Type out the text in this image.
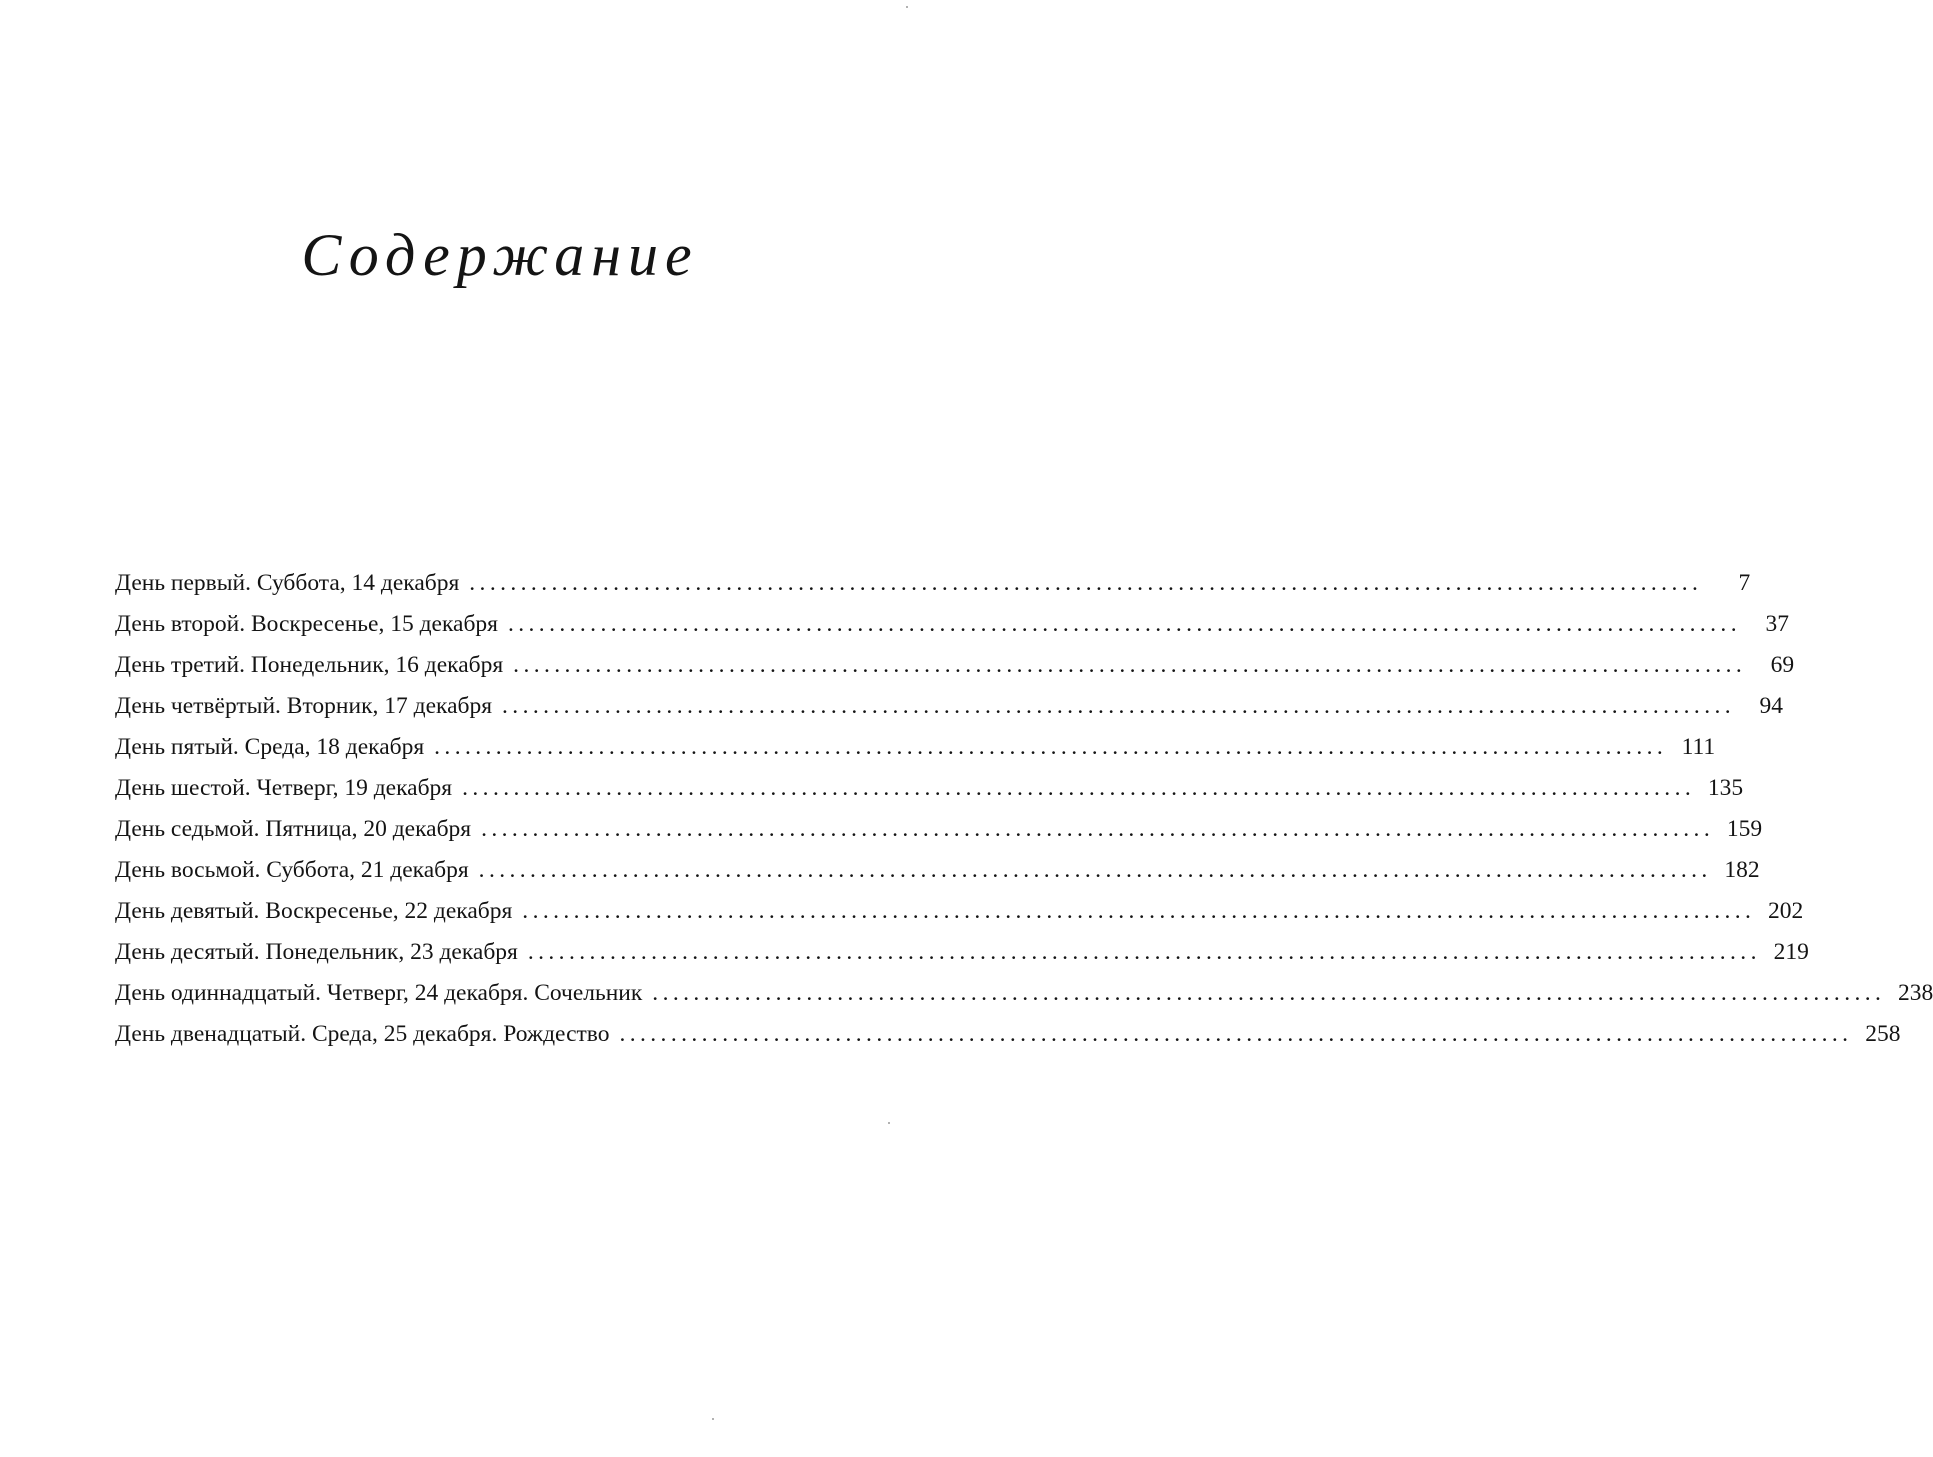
Содержание
День первый. Суббота, 14 декабря ........................................................................................................................	7
День второй. Воскресенье, 15 декабря ........................................................................................................................	37
День третий. Понедельник, 16 декабря ........................................................................................................................	69
День четвёртый. Вторник, 17 декабря ........................................................................................................................	94
День пятый. Среда, 18 декабря ........................................................................................................................ 111
День шестой. Четверг, 19 декабря ........................................................................................................................ 135
День седьмой. Пятница, 20 декабря ........................................................................................................................ 159
День восьмой. Суббота, 21 декабря ........................................................................................................................ 182
День девятый. Воскресенье, 22 декабря ........................................................................................................................ 202
День десятый. Понедельник, 23 декабря ........................................................................................................................ 219
День одиннадцатый. Четверг, 24 декабря. Сочельник ........................................................................................................................ 238
День двенадцатый. Среда, 25 декабря. Рождество ........................................................................................................................ 258
